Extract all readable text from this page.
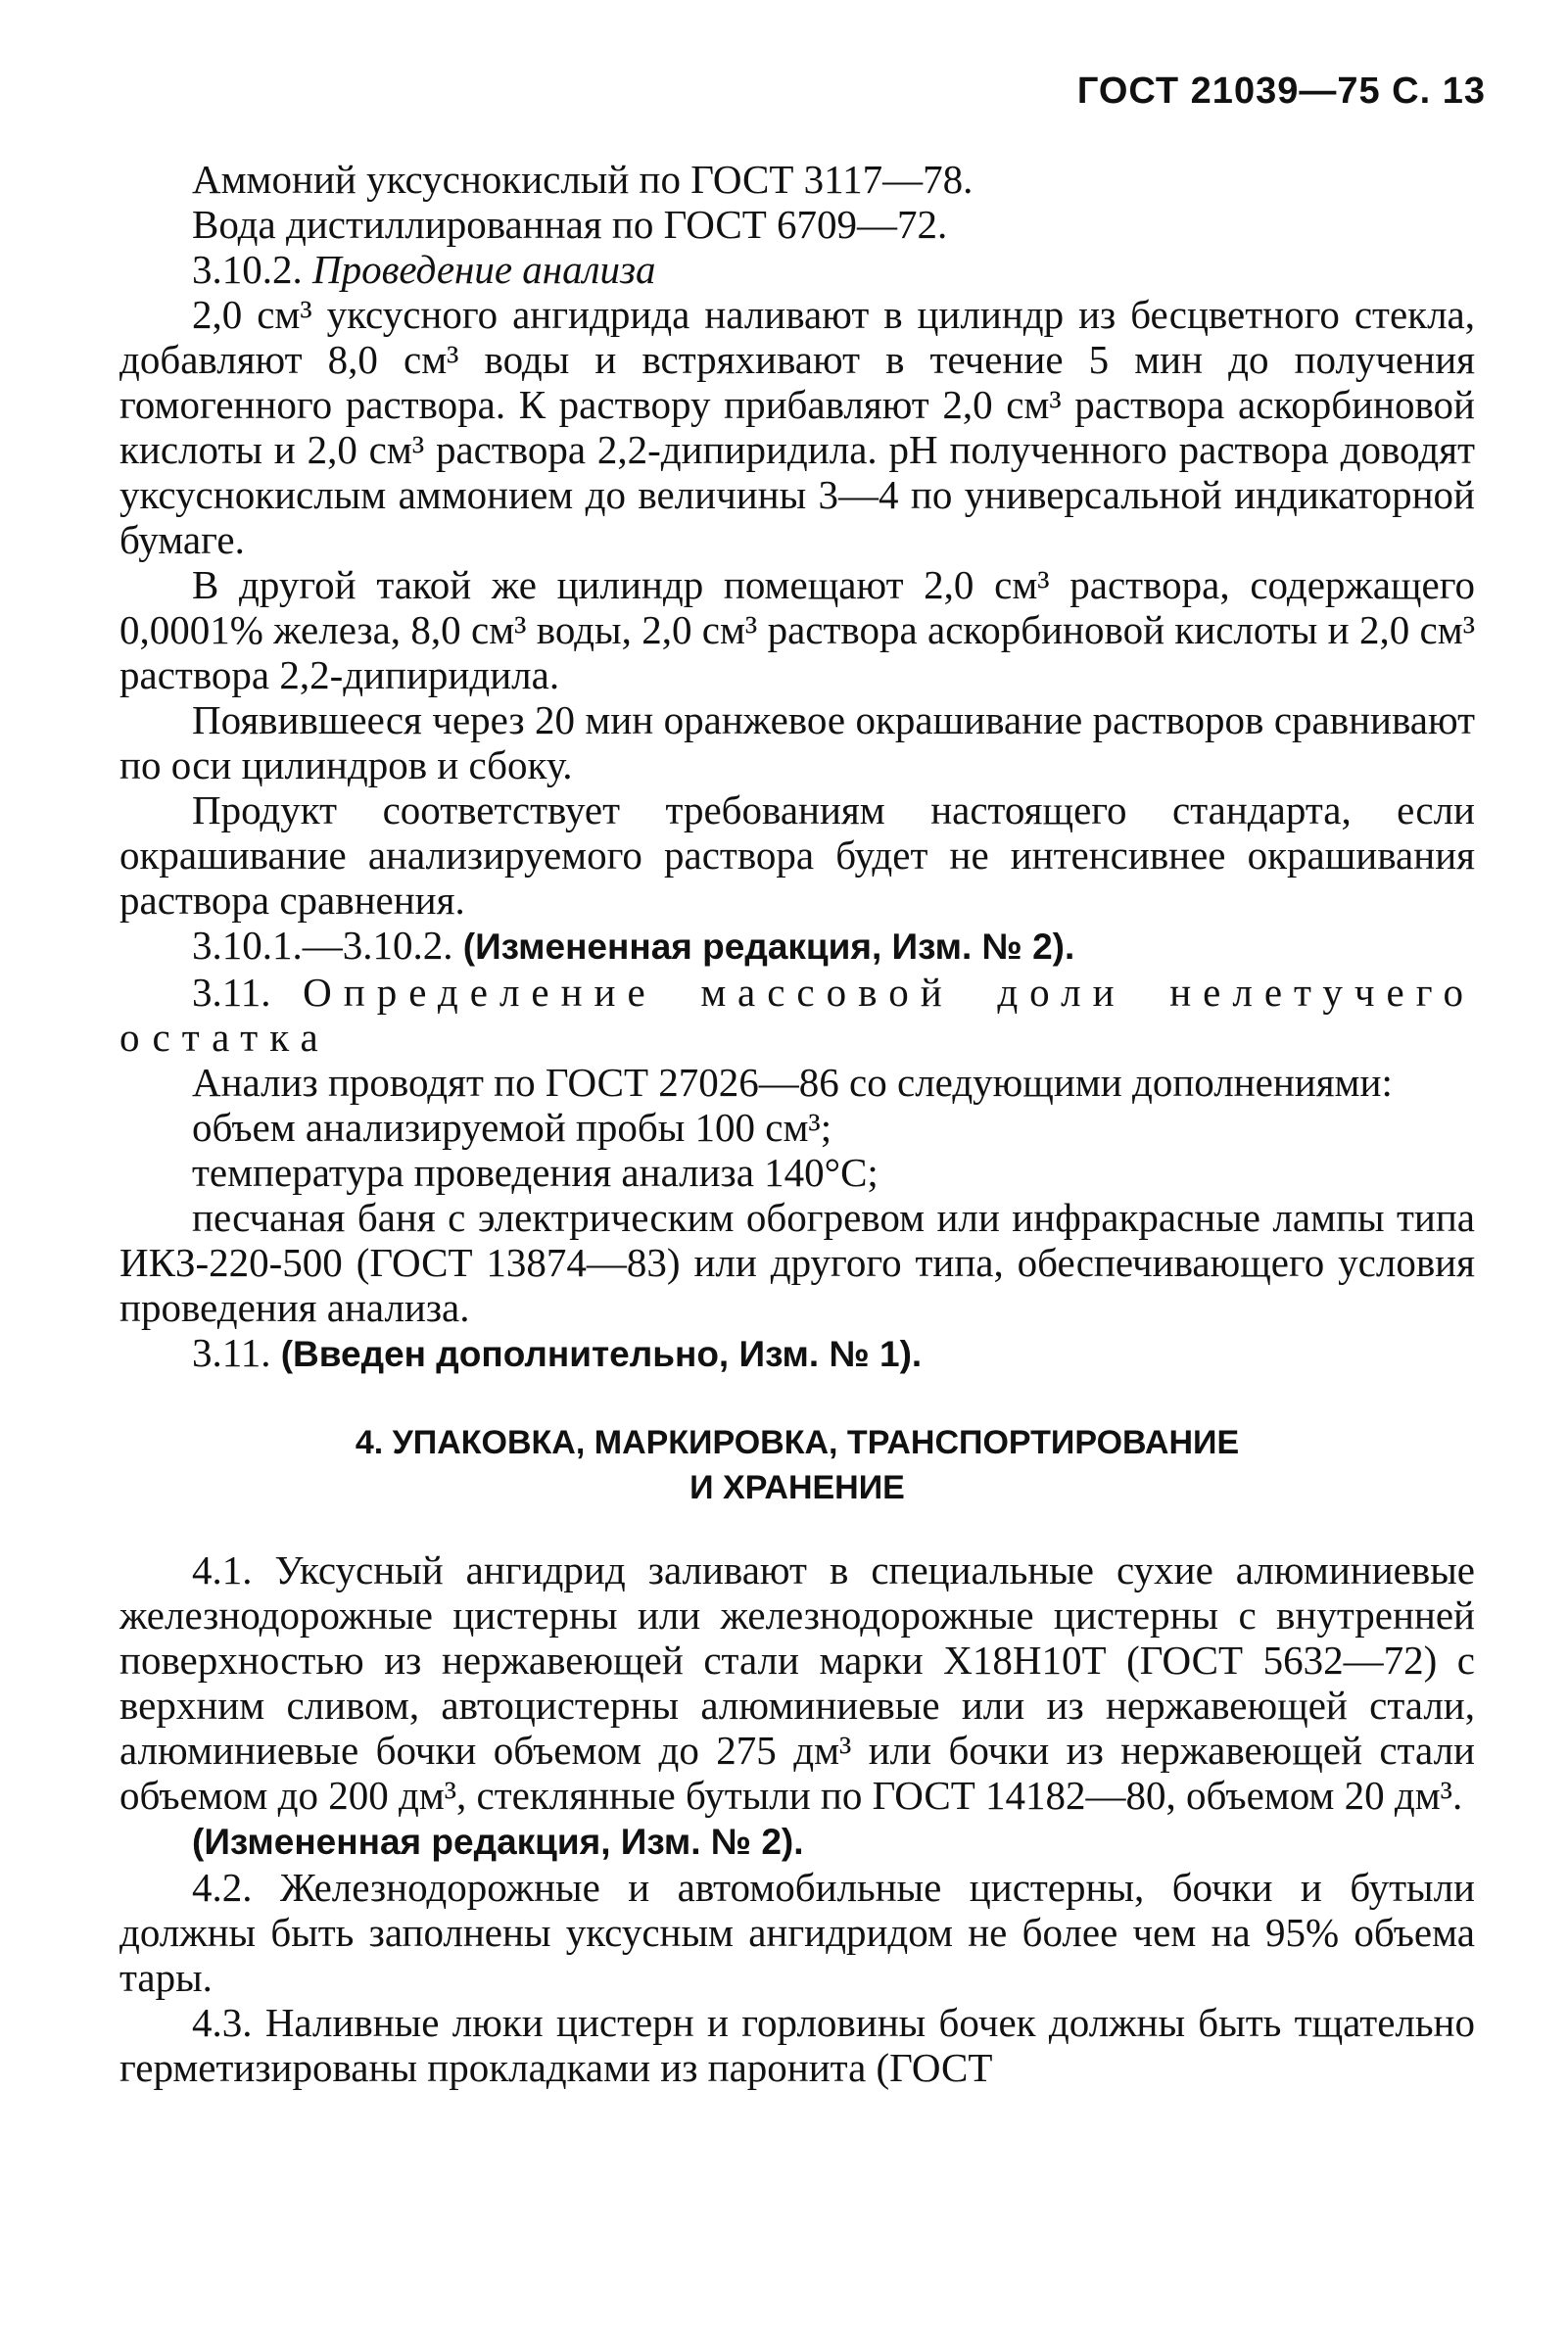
ГОСТ 21039—75 С. 13

Аммоний уксуснокислый по ГОСТ 3117—78.

Вода дистиллированная по ГОСТ 6709—72.

3.10.2. Проведение анализа

2,0 см³ уксусного ангидрида наливают в цилиндр из бесцветного стекла, добавляют 8,0 см³ воды и встряхивают в течение 5 мин до получения гомогенного раствора. К раствору прибавляют 2,0 см³ раствора аскорбиновой кислоты и 2,0 см³ раствора 2,2-дипиридила. рН полученного раствора доводят уксуснокислым аммонием до величины 3—4 по универсальной индикаторной бумаге.

В другой такой же цилиндр помещают 2,0 см³ раствора, содержащего 0,0001% железа, 8,0 см³ воды, 2,0 см³ раствора аскорбиновой кислоты и 2,0 см³ раствора 2,2-дипиридила.

Появившееся через 20 мин оранжевое окрашивание растворов сравнивают по оси цилиндров и сбоку.

Продукт соответствует требованиям настоящего стандарта, если окрашивание анализируемого раствора будет не интенсивнее окрашивания раствора сравнения.

3.10.1.—3.10.2. (Измененная редакция, Изм. № 2).

3.11. Определение массовой доли нелетучего остатка

Анализ проводят по ГОСТ 27026—86 со следующими дополнениями:

объем анализируемой пробы 100 см³;

температура проведения анализа 140°С;

песчаная баня с электрическим обогревом или инфракрасные лампы типа ИКЗ-220-500 (ГОСТ 13874—83) или другого типа, обеспечивающего условия проведения анализа.

3.11. (Введен дополнительно, Изм. № 1).

4. УПАКОВКА, МАРКИРОВКА, ТРАНСПОРТИРОВАНИЕ
И ХРАНЕНИЕ

4.1. Уксусный ангидрид заливают в специальные сухие алюминиевые железнодорожные цистерны или железнодорожные цистерны с внутренней поверхностью из нержавеющей стали марки Х18Н10Т (ГОСТ 5632—72) с верхним сливом, автоцистерны алюминиевые или из нержавеющей стали, алюминиевые бочки объемом до 275 дм³ или бочки из нержавеющей стали объемом до 200 дм³, стеклянные бутыли по ГОСТ 14182—80, объемом 20 дм³.

(Измененная редакция, Изм. № 2).

4.2. Железнодорожные и автомобильные цистерны, бочки и бутыли должны быть заполнены уксусным ангидридом не более чем на 95% объема тары.

4.3. Наливные люки цистерн и горловины бочек должны быть тщательно герметизированы прокладками из паронита (ГОСТ
